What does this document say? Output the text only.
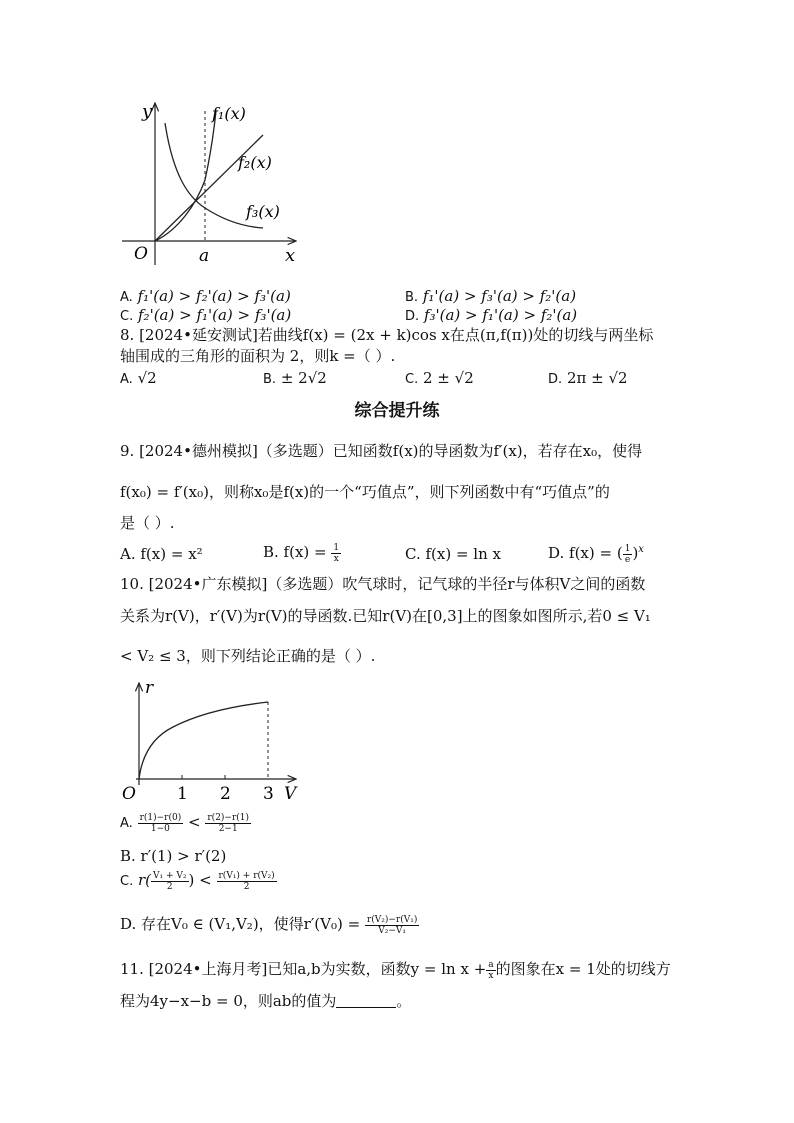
y
x
O	a
f₁(x)
f₂(x)
f₃(x)
A. f₁'(a) > f₂'(a) > f₃'(a)	B. f₁'(a) > f₃'(a) > f₂'(a)
C. f₂'(a) > f₁'(a) > f₃'(a)	D. f₃'(a) > f₁'(a) > f₂'(a)
8. [2024•延安测试]若曲线f(x) = (2x + k)cos x在点(π,f(π))处的切线与两坐标
轴围成的三角形的面积为 2，则k =（ ）.
A. √2	B. ± 2√2	C. 2 ± √2	D. 2π ± √2
综合提升练
9. [2024•德州模拟]（多选题）已知函数f(x)的导函数为f′(x)，若存在x₀，使得
f(x₀) = f′(x₀)，则称x₀是f(x)的一个“巧值点”，则下列函数中有“巧值点”的
是（ ）.
A. f(x) = x²	B. $f(x) = \frac{1}{x}$	C. f(x) = ln x	D. f(x) = ( $\frac{1}{e} )^x$
10. [2024•广东模拟]（多选题）吹气球时，记气球的半径r与体积V之间的函数
关系为r(V)，r′(V)为r(V)的导函数.已知r(V)在[0,3]上的图象如图所示,若0 ≤ V₁
< V₂ ≤ 3，则下列结论正确的是（ ）.
r
V
O 1 2 3
A. $\frac{r(1)-r(0)}{1-0} < \frac{r(2)-r(1)}{2-1}$
B. r′(1) > r′(2)
C. $r( \frac{\text{V₁ + V₂}}{2}$ ) < $\frac{\text{r(V₁) + r(V₂)}}{2}$
D. 存在V₀ ∈ (V₁,V₂)，使得$r'(V_0) = \frac{\text{r(V₂)−r(V₁)}}{\text{V₂−V₁}}$
11. [2024•上海月考]已知a,b为实数，函数$y = \ln x + \frac{a}{x}$ 的图象在x = 1处的切线方
程为4y−x−b = 0，则ab的值为	。
